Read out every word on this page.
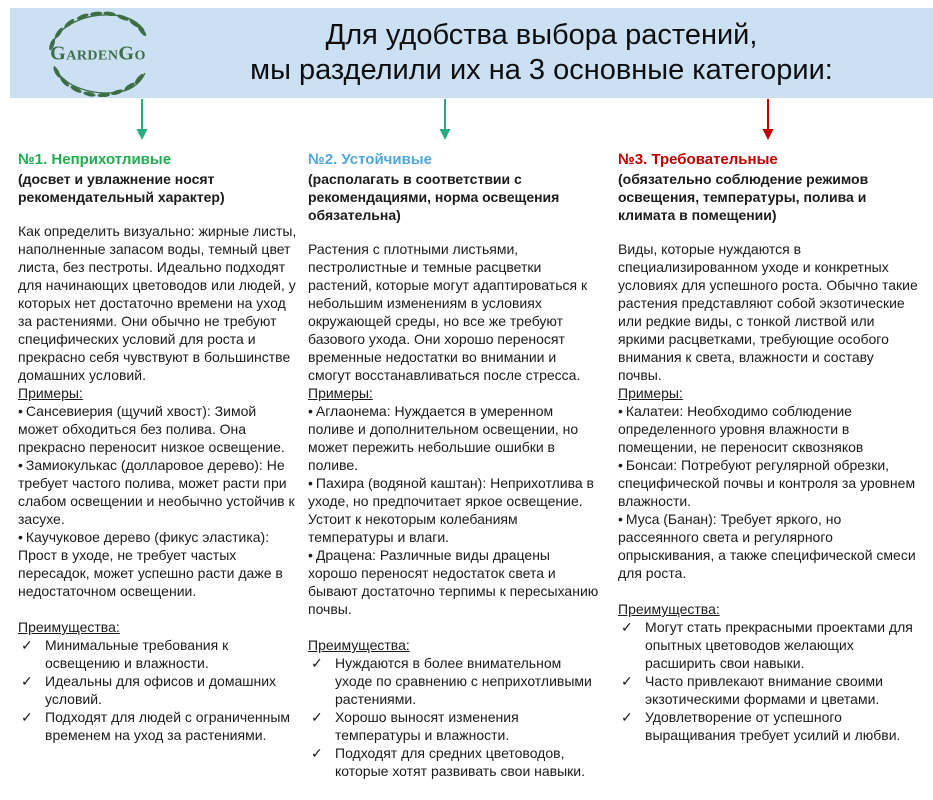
GardenGo
Для удобства выбора растений,
мы разделили их на 3 основные категории:
№1. Неприхотливые

(досвет и увлажнение носят рекомендательный характер)

Как определить визуально: жирные листы, наполненные запасом воды, темный цвет листа, без пестроты. Идеально подходят для начинающих цветоводов или людей, у которых нет достаточно времени на уход за растениями. Они обычно не требуют специфических условий для роста и прекрасно себя чувствуют в большинстве домашних условий.

Примеры:
• Сансевиерия (щучий хвост): Зимой может обходиться без полива. Она прекрасно переносит низкое освещение.
• Замиокулькас (долларовое дерево): Не требует частого полива, может расти при слабом освещении и необычно устойчив к засухе.
• Каучуковое дерево (фикус эластика): Прост в уходе, не требует частых пересадок, может успешно расти даже в недостаточном освещении.
Преимущества:
✓ Минимальные требования к освещению и влажности.
✓ Идеальны для офисов и домашних условий.
✓ Подходят для людей с ограниченным временем на уход за растениями.
№2. Устойчивые

(располагать в соответствии с рекомендациями, норма освещения обязательна)

Растения с плотными листьями, пестролистные и темные расцветки растений, которые могут адаптироваться к небольшим изменениям в условиях окружающей среды, но все же требуют базового ухода. Они хорошо переносят временные недостатки во внимании и смогут восстанавливаться после стресса.

Примеры:
• Аглаонема: Нуждается в умеренном поливе и дополнительном освещении, но может пережить небольшие ошибки в поливе.
• Пахира (водяной каштан): Неприхотлива в уходе, но предпочитает яркое освещение. Устоит к некоторым колебаниям температуры и влаги.
• Драцена: Различные виды драцены хорошо переносят недостаток света и бывают достаточно терпимы к пересыханию почвы.
Преимущества:
✓ Нуждаются в более внимательном уходе по сравнению с неприхотливыми растениями.
✓ Хорошо выносят изменения температуры и влажности.
✓ Подходят для средних цветоводов, которые хотят развивать свои навыки.
№3. Требовательные

(обязательно соблюдение режимов освещения, температуры, полива и климата в помещении)

Виды, которые нуждаются в специализированном уходе и конкретных условиях для успешного роста. Обычно такие растения представляют собой экзотические или редкие виды, с тонкой листвой или яркими расцветками, требующие особого внимания к света, влажности и составу почвы.

Примеры:
• Калатеи: Необходимо соблюдение определенного уровня влажности в помещении, не переносит сквозняков
• Бонсаи: Потребуют регулярной обрезки, специфической почвы и контроля за уровнем влажности.
• Муса (Банан): Требует яркого, но рассеянного света и регулярного опрыскивания, а также специфической смеси для роста.
Преимущества:
✓ Могут стать прекрасными проектами для опытных цветоводов желающих расширить свои навыки.
✓ Часто привлекают внимание своими экзотическими формами и цветами.
✓ Удовлетворение от успешного выращивания требует усилий и любви.
